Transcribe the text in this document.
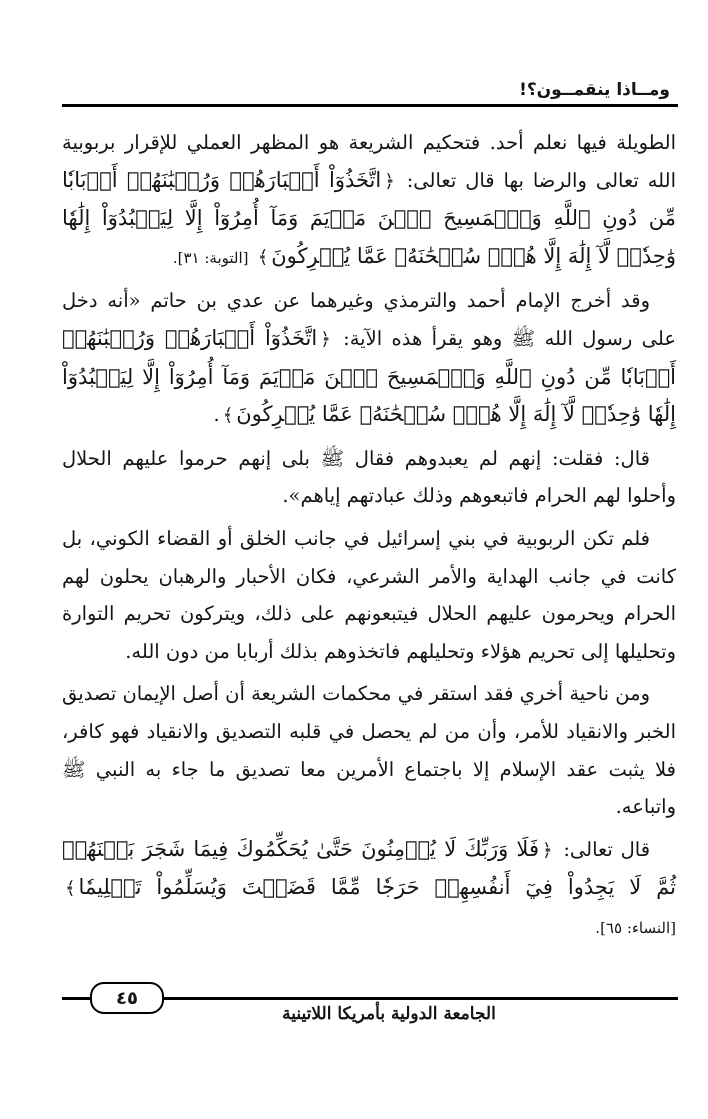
ومــاذا ينقمــون؟!

الطويلة فيها نعلم أحد. فتحكيم الشريعة هو المظهر العملي للإقرار بربوبية الله تعالى والرضا بها قال تعالى: ﴿اتَّخَذُوٓاْ أَحۡبَارَهُمۡ وَرُهۡبَٰنَهُمۡ أَرۡبَابٗا مِّن دُونِ ٱللَّهِ وَٱلۡمَسِيحَ ٱبۡنَ مَرۡيَمَ وَمَآ أُمِرُوٓاْ إِلَّا لِيَعۡبُدُوٓاْ إِلَٰهٗا وَٰحِدٗاۖ لَّآ إِلَٰهَ إِلَّا هُوَۚ سُبۡحَٰنَهُۥ عَمَّا يُشۡرِكُونَ﴾ [التوبة: ٣١].

وقد أخرج الإمام أحمد والترمذي وغيرهما عن عدي بن حاتم «أنه دخل على رسول الله ﷺ وهو يقرأ هذه الآية: ﴿اتَّخَذُوٓاْ أَحۡبَارَهُمۡ وَرُهۡبَٰنَهُمۡ أَرۡبَابٗا مِّن دُونِ ٱللَّهِ وَٱلۡمَسِيحَ ٱبۡنَ مَرۡيَمَ وَمَآ أُمِرُوٓاْ إِلَّا لِيَعۡبُدُوٓاْ إِلَٰهٗا وَٰحِدٗاۖ لَّآ إِلَٰهَ إِلَّا هُوَۚ سُبۡحَٰنَهُۥ عَمَّا يُشۡرِكُونَ﴾.

قال: فقلت: إنهم لم يعبدوهم فقال ﷺ بلى إنهم حرموا عليهم الحلال وأحلوا لهم الحرام فاتبعوهم وذلك عبادتهم إياهم».

فلم تكن الربوبية في بني إسرائيل في جانب الخلق أو القضاء الكوني، بل كانت في جانب الهداية والأمر الشرعي، فكان الأحبار والرهبان يحلون لهم الحرام ويحرمون عليهم الحلال فيتبعونهم على ذلك، ويتركون تحريم التوارة وتحليلها إلى تحريم هؤلاء وتحليلهم فاتخذوهم بذلك أربابا من دون الله.

ومن ناحية أخري فقد استقر في محكمات الشريعة أن أصل الإيمان تصديق الخبر والانقياد للأمر، وأن من لم يحصل في قلبه التصديق والانقياد فهو كافر، فلا يثبت عقد الإسلام إلا باجتماع الأمرين معا تصديق ما جاء به النبي ﷺ واتباعه.

قال تعالى: ﴿فَلَا وَرَبِّكَ لَا يُؤۡمِنُونَ حَتَّىٰ يُحَكِّمُوكَ فِيمَا شَجَرَ بَيۡنَهُمۡ ثُمَّ لَا يَجِدُواْ فِيٓ أَنفُسِهِمۡ حَرَجٗا مِّمَّا قَضَيۡتَ وَيُسَلِّمُواْ تَسۡلِيمٗا﴾ [النساء: ٦٥].

٤٥
الجامعة الدولية بأمريكا اللاتينية
